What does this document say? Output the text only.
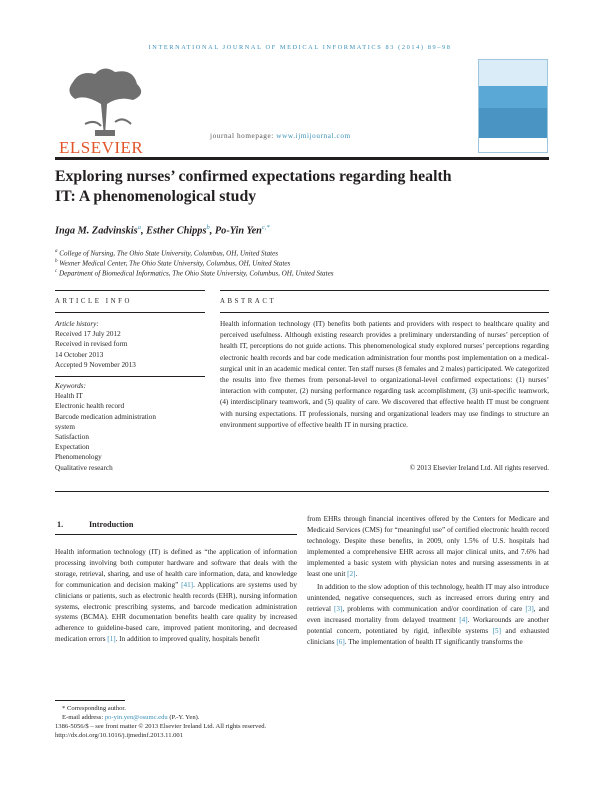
INTERNATIONAL JOURNAL OF MEDICAL INFORMATICS 83 (2014) 89–98
ELSEVIER
journal homepage: www.ijmijournal.com
Exploring nurses’ confirmed expectations regarding health
IT: A phenomenological study
Inga M. Zadvinskis$^a$, Esther Chipps$^b$, Po-Yin Yen$^{c,*}$
$^a$ College of Nursing, The Ohio State University, Columbus, OH, United States
$^b$ Wexner Medical Center, The Ohio State University, Columbus, OH, United States
$^c$ Department of Biomedical Informatics, The Ohio State University, Columbus, OH, United States
ARTICLE INFO	ABSTRACT
Article history:
Received 17 July 2012
Received in revised form
14 October 2013
Accepted 9 November 2013
Keywords:
Health IT
Electronic health record
Barcode medication administration
system
Satisfaction
Expectation
Phenomenology
Qualitative research
Health information technology (IT) benefits both patients and providers with respect to healthcare quality and perceived usefulness. Although existing research provides a preliminary understanding of nurses’ perception of health IT, perceptions do not guide actions. This phenomenological study explored nurses’ perceptions regarding electronic health records and bar code medication administration four months post implementation on a medical-surgical unit in an academic medical center. Ten staff nurses (8 females and 2 males) participated. We categorized the results into five themes from personal-level to organizational-level confirmed expectations: (1) nurses’ interaction with computer, (2) nursing performance regarding task accomplishment, (3) unit-specific teamwork, (4) interdisciplinary teamwork, and (5) quality of care. We discovered that effective health IT must be congruent with nursing expectations. IT professionals, nursing and organizational leaders may use findings to structure an environment supportive of effective health IT in nursing practice.
© 2013 Elsevier Ireland Ltd. All rights reserved.
1.	Introduction

Health information technology (IT) is defined as “the application of information processing involving both computer hardware and software that deals with the storage, retrieval, sharing, and use of health care information, data, and knowledge for communication and decision making” [41]. Applications are systems used by clinicians or patients, such as electronic health records (EHR), nursing information systems, electronic prescribing systems, and barcode medication administration systems (BCMA). EHR documentation benefits health care quality by increased adherence to guideline-based care, improved patient monitoring, and decreased medication errors [1]. In addition to improved quality, hospitals benefit

from EHRs through financial incentives offered by the Centers for Medicare and Medicaid Services (CMS) for “meaningful use” of certified electronic health record technology. Despite these benefits, in 2009, only 1.5% of U.S. hospitals had implemented a comprehensive EHR across all major clinical units, and 7.6% had implemented a basic system with physician notes and nursing assessments in at least one unit [2].

In addition to the slow adoption of this technology, health IT may also introduce unintended, negative consequences, such as increased errors during entry and retrieval [3], problems with communication and/or coordination of care [3], and even increased mortality from delayed treatment [4]. Workarounds are another potential concern, potentiated by rigid, inflexible systems [5] and exhausted clinicians [6]. The implementation of health IT significantly transforms the

* Corresponding author.
E-mail address: po-yin.yen@osumc.edu (P.-Y. Yen).
1386-5056/$ – see front matter © 2013 Elsevier Ireland Ltd. All rights reserved.
http://dx.doi.org/10.1016/j.ijmedinf.2013.11.001
